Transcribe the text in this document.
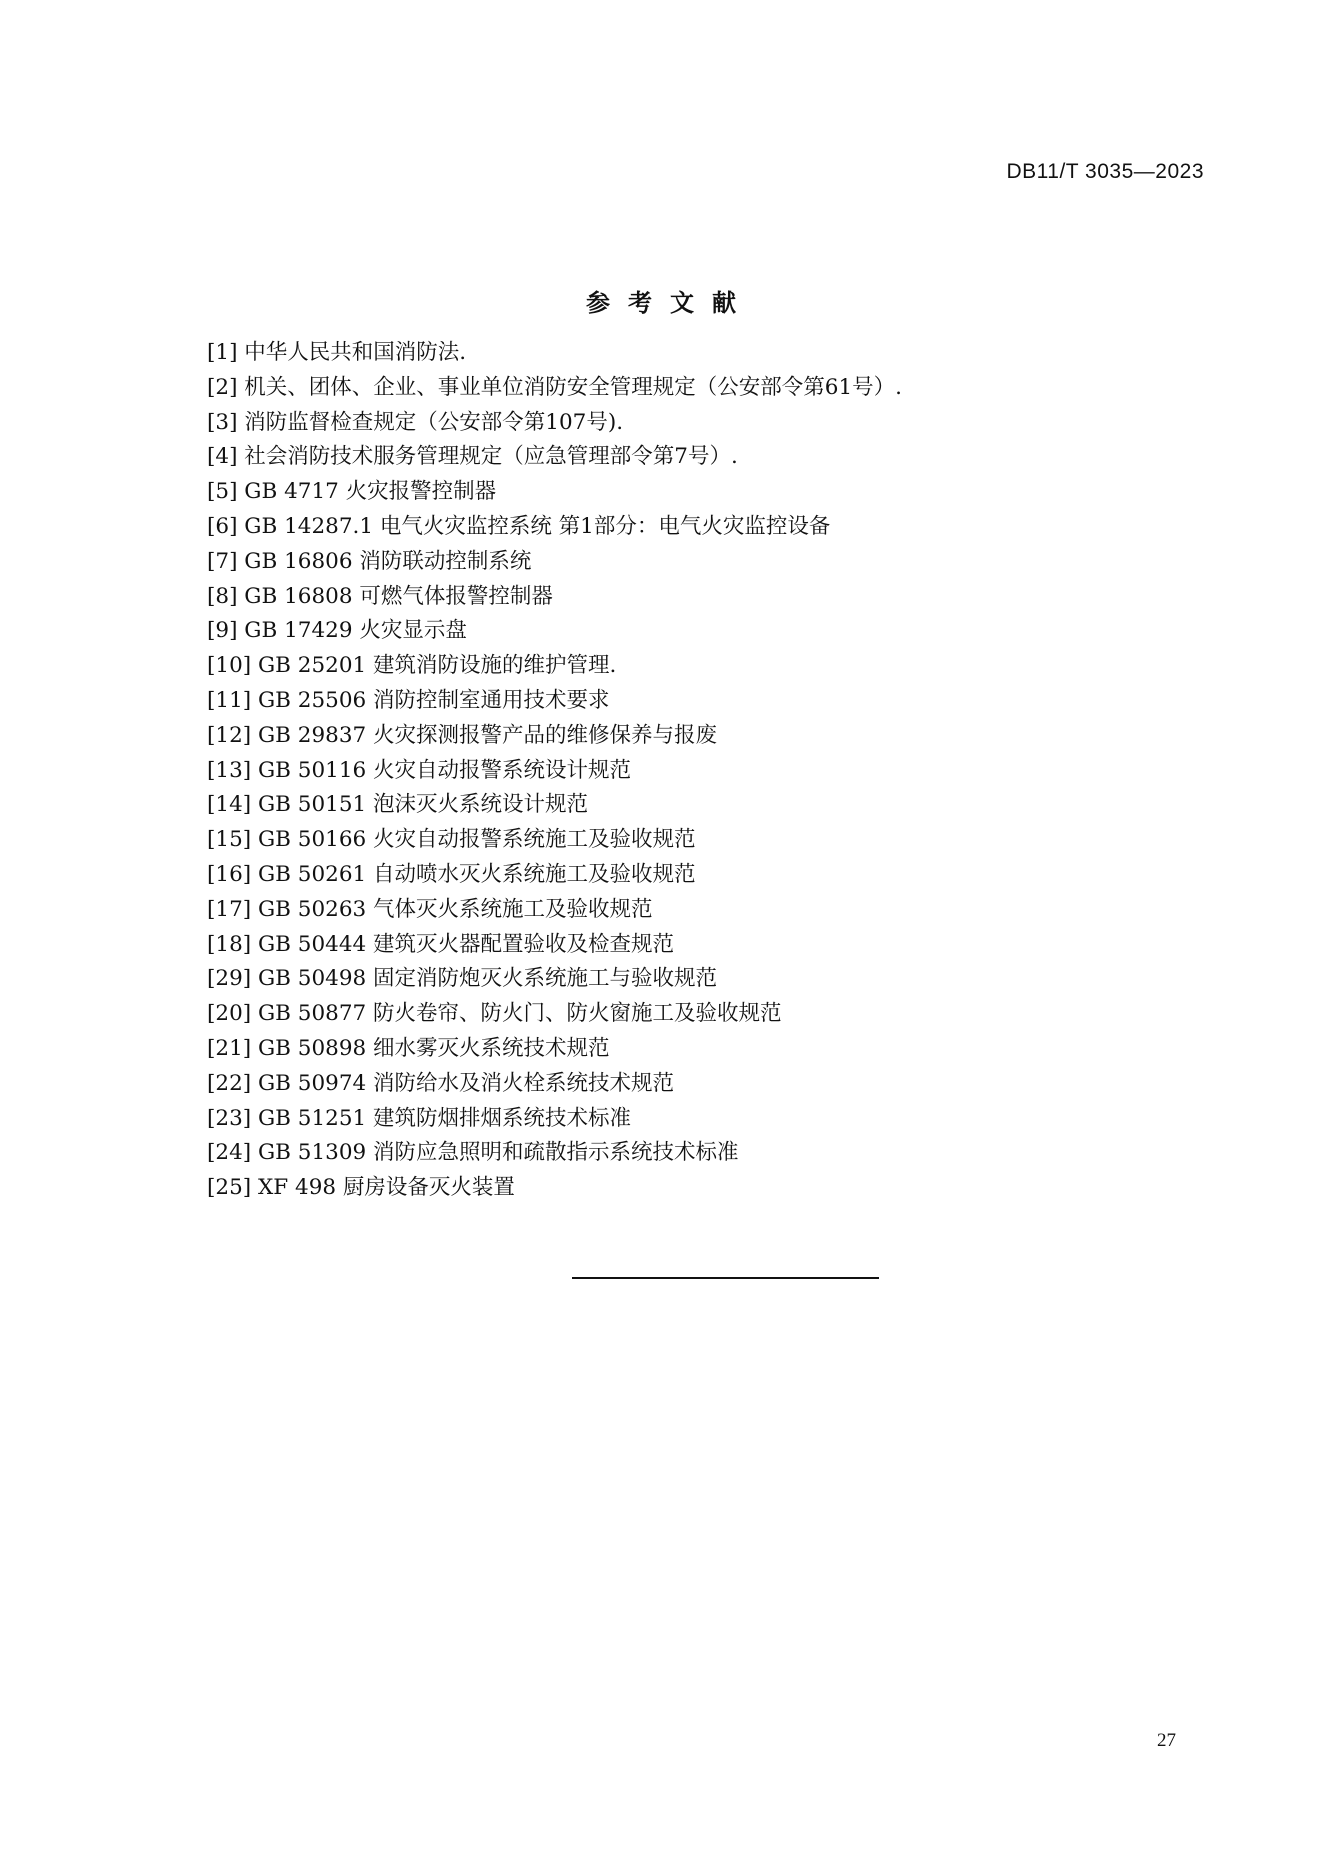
DB11/T 3035—2023
参考文献
[1] 中华人民共和国消防法.
[2] 机关、团体、企业、事业单位消防安全管理规定（公安部令第61号）.
[3] 消防监督检查规定（公安部令第107号).
[4] 社会消防技术服务管理规定（应急管理部令第7号）.
[5] GB 4717 火灾报警控制器
[6] GB 14287.1 电气火灾监控系统 第1部分：电气火灾监控设备
[7] GB 16806 消防联动控制系统
[8] GB 16808 可燃气体报警控制器
[9] GB 17429 火灾显示盘
[10] GB 25201 建筑消防设施的维护管理.
[11] GB 25506 消防控制室通用技术要求
[12] GB 29837 火灾探测报警产品的维修保养与报废
[13] GB 50116 火灾自动报警系统设计规范
[14] GB 50151 泡沫灭火系统设计规范
[15] GB 50166 火灾自动报警系统施工及验收规范
[16] GB 50261 自动喷水灭火系统施工及验收规范
[17] GB 50263 气体灭火系统施工及验收规范
[18] GB 50444 建筑灭火器配置验收及检查规范
[29] GB 50498 固定消防炮灭火系统施工与验收规范
[20] GB 50877 防火卷帘、防火门、防火窗施工及验收规范
[21] GB 50898 细水雾灭火系统技术规范
[22] GB 50974 消防给水及消火栓系统技术规范
[23] GB 51251 建筑防烟排烟系统技术标准
[24] GB 51309 消防应急照明和疏散指示系统技术标准
[25] XF 498 厨房设备灭火装置
27
